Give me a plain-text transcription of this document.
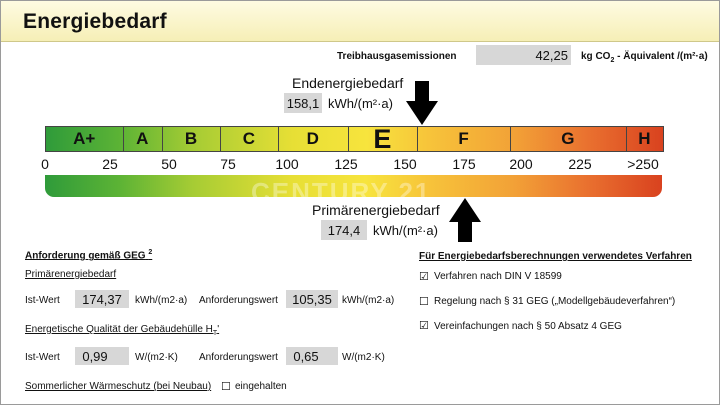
Energiebedarf
Treibhausgasemissionen	42,25 kg $CO_2$ - Äquivalent /(m²·a)
Endenergiebedarf
158,1 kWh/(m²·a)
A+	A	B	C	D	E	F	G	H
0	25	50	75	100	125	150	175	200	225	>250
CENTURY 21
Primärenergiebedarf
174,4 kWh/(m²·a)
Anforderung gemäß GEG $^2$
Primärenergiebedarf
Ist-Wert	174,37	kWh/(m2·a) Anforderungswert	105,35	kWh/(m2·a)
Energetische Qualität der Gebäudehülle $H_T'$
Ist-Wert	0,99	W/(m2·K) Anforderungswert	0,65	W/(m2·K)
Sommerlicher Wärmeschutz (bei Neubau) ☐ eingehalten
Für Energiebedarfsberechnungen verwendetes Verfahren
☑ Verfahren nach DIN V 18599
☐ Regelung nach § 31 GEG („Modellgebäudeverfahren“)
☑ Vereinfachungen nach § 50 Absatz 4 GEG
